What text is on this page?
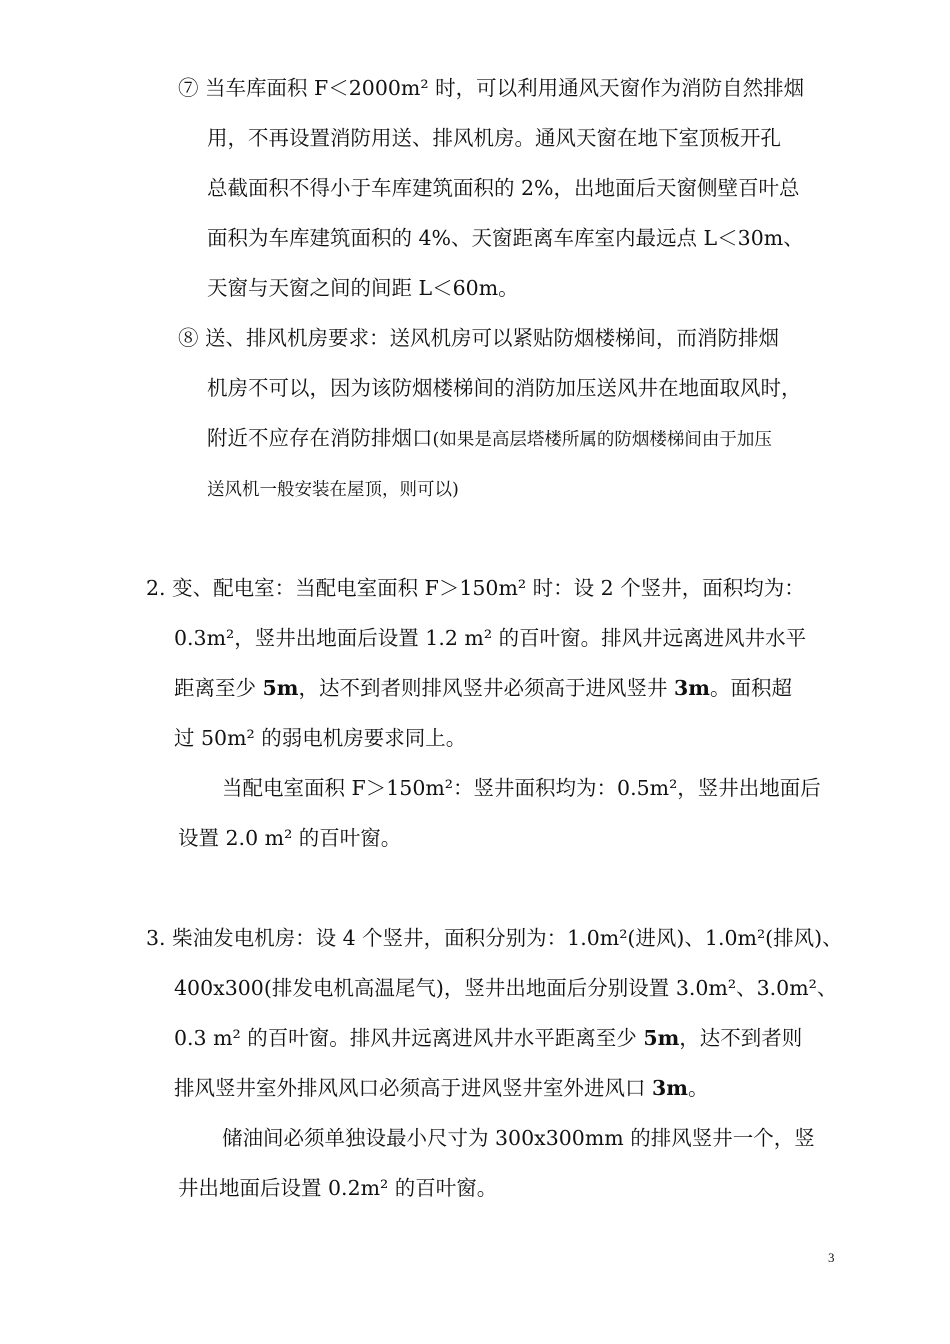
⑦ 当车库面积 F＜2000m² 时，可以利用通风天窗作为消防自然排烟
用，不再设置消防用送、排风机房。通风天窗在地下室顶板开孔
总截面积不得小于车库建筑面积的 2%，出地面后天窗侧壁百叶总
面积为车库建筑面积的 4%、天窗距离车库室内最远点 L＜30m、
天窗与天窗之间的间距 L＜60m。
⑧ 送、排风机房要求：送风机房可以紧贴防烟楼梯间，而消防排烟
机房不可以，因为该防烟楼梯间的消防加压送风井在地面取风时，
附近不应存在消防排烟口(如果是高层塔楼所属的防烟楼梯间由于加压
送风机一般安装在屋顶，则可以)
2. 变、配电室：当配电室面积 F＞150m² 时：设 2 个竖井，面积均为：
0.3m²，竖井出地面后设置 1.2 m² 的百叶窗。排风井远离进风井水平
距离至少 5m，达不到者则排风竖井必须高于进风竖井 3m。面积超
过 50m² 的弱电机房要求同上。
当配电室面积 F＞150m²：竖井面积均为：0.5m²，竖井出地面后
设置 2.0 m² 的百叶窗。
3. 柴油发电机房：设 4 个竖井，面积分别为：1.0m²(进风)、1.0m²(排风)、
400x300(排发电机高温尾气)，竖井出地面后分别设置 3.0m²、3.0m²、
0.3 m² 的百叶窗。排风井远离进风井水平距离至少 5m，达不到者则
排风竖井室外排风风口必须高于进风竖井室外进风口 3m。
储油间必须单独设最小尺寸为 300x300mm 的排风竖井一个，竖
井出地面后设置 0.2m² 的百叶窗。
3
